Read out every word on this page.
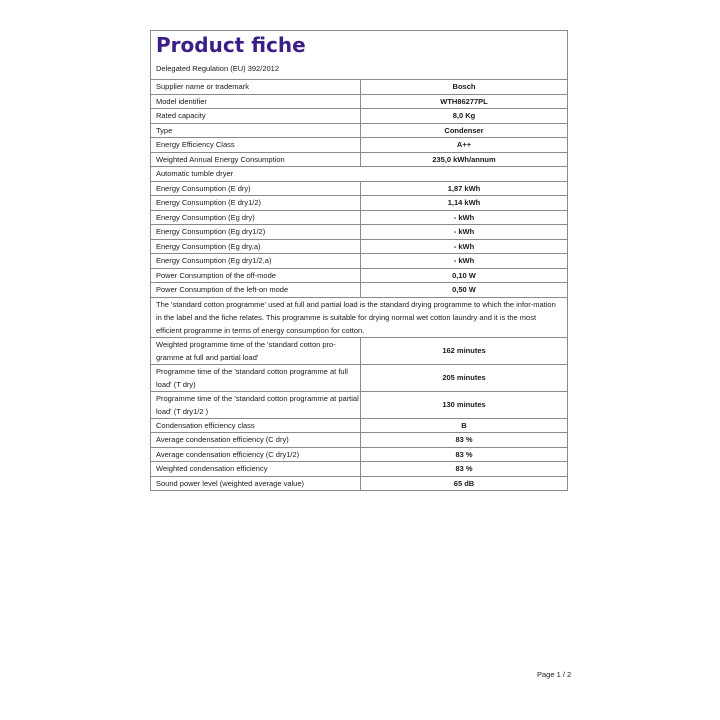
Product fiche
Delegated Regulation (EU) 392/2012
Supplier name or trademark	Bosch
Model identifier	WTH86277PL
Rated capacity	8,0 Kg
Type	Condenser
Energy Efficiency Class	A++
Weighted Annual Energy Consumption	235,0 kWh/annum
Automatic tumble dryer	
Energy Consumption (E dry)	1,87 kWh
Energy Consumption (E dry1/2)	1,14 kWh
Energy Consumption (Eg dry)	- kWh
Energy Consumption (Eg dry1/2)	- kWh
Energy Consumption (Eg dry,a)	- kWh
Energy Consumption (Eg dry1/2,a)	- kWh
Power Consumption of the off-mode	0,10 W
Power Consumption of the left-on mode	0,50 W
The 'standard cotton programme' used at full and partial load is the standard drying programme to which the infor-mation in the label and the fiche relates. This programme is suitable for drying normal wet cotton laundry and it is the most efficient programme in terms of energy consumption for cotton.	
Weighted programme time of the 'standard cotton pro-gramme at full and partial load'	162 minutes
Programme time of the 'standard cotton programme at full load' (T dry)	205 minutes
Programme time of the 'standard cotton programme at partial load' (T dry1/2 )	130 minutes
Condensation efficiency class	B
Average condensation efficiency (C dry)	83 %
Average condensation efficiency (C dry1/2)	83 %
Weighted condensation efficiency	83 %
Sound power level (weighted average value)	65 dB
Page 1 / 2
